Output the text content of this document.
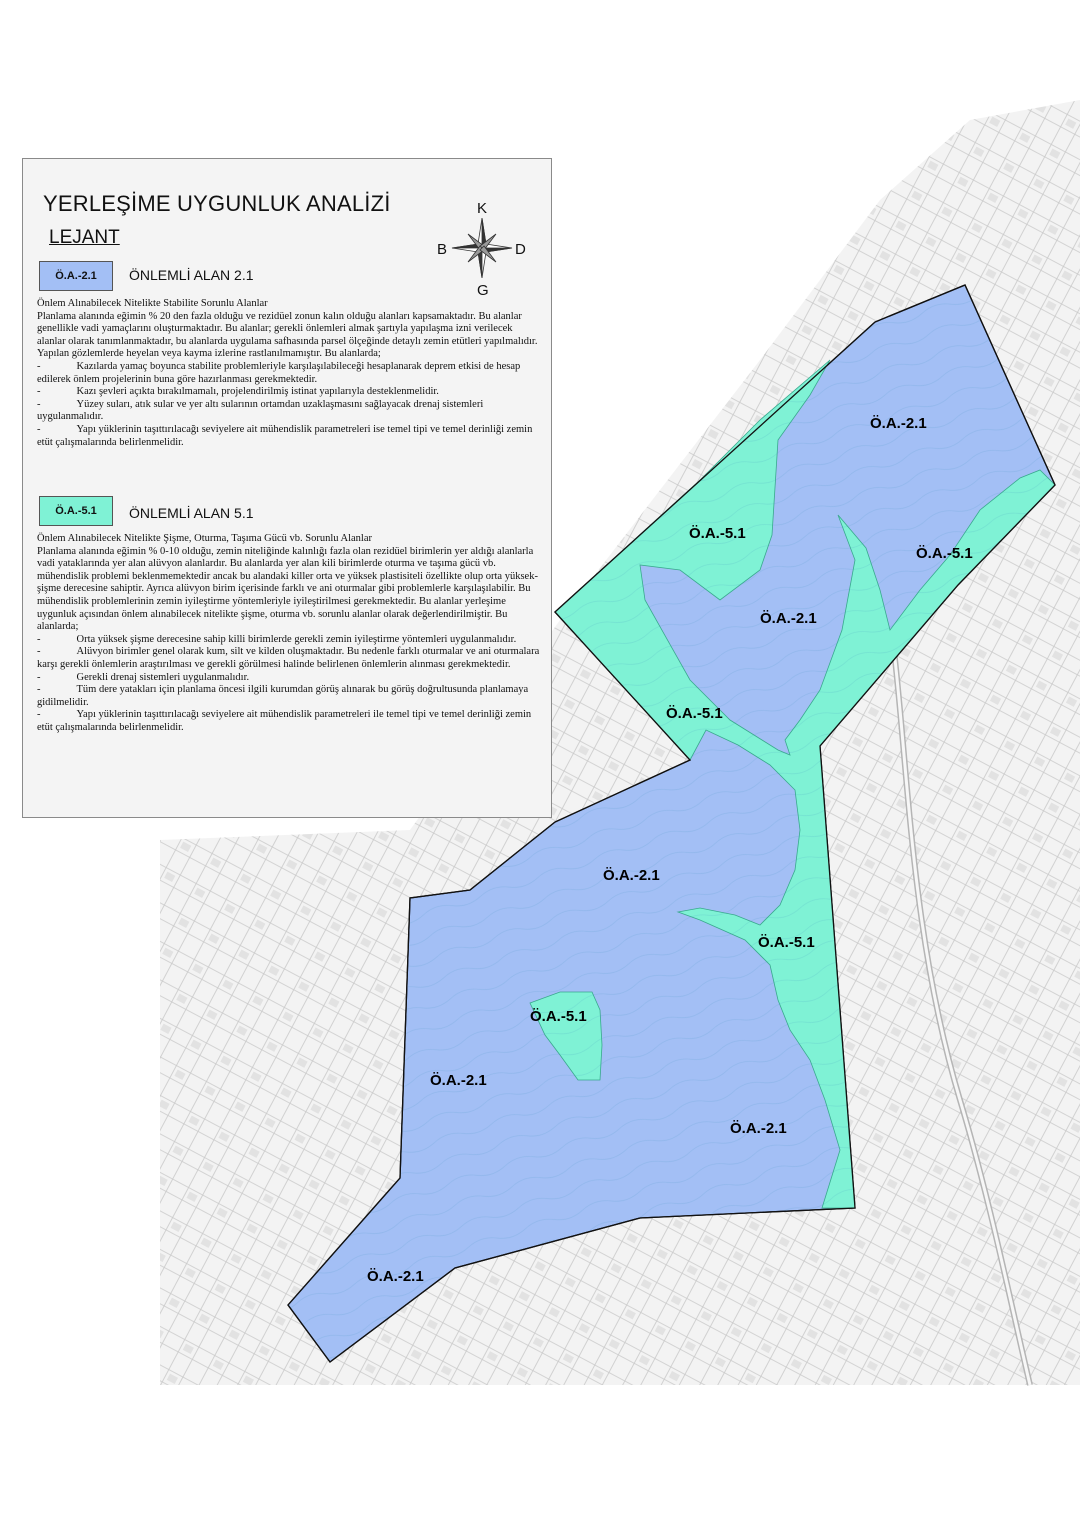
Ö.A.-2.1
Ö.A.-2.1
Ö.A.-2.1
Ö.A.-2.1
Ö.A.-2.1
Ö.A.-2.1
Ö.A.-5.1
Ö.A.-5.1
Ö.A.-5.1
Ö.A.-5.1
Ö.A.-5.1
YERLEŞİME UYGUNLUK ANALİZİ
LEJANT
K
G
B	D
Ö.A.-2.1	ÖNLEMLİ ALAN 2.1

Önlem Alınabilecek Nitelikte Stabilite Sorunlu Alanlar

Planlama alanında eğimin % 20 den fazla olduğu ve rezidüel zonun kalın olduğu alanları kapsamaktadır. Bu alanlar genellikle vadi yamaçlarını oluşturmaktadır. Bu alanlar; gerekli önlemleri almak şartıyla yapılaşma izni verilecek alanlar olarak tanımlanmaktadır, bu alanlarda uygulama safhasında parsel ölçeğinde detaylı zemin etütleri yapılmalıdır. Yapılan gözlemlerde heyelan veya kayma izlerine rastlanılmamıştır. Bu alanlarda;

-	Kazılarda yamaç boyunca stabilite problemleriyle karşılaşılabileceği hesaplanarak deprem etkisi de hesap edilerek önlem projelerinin buna göre hazırlanması gerekmektedir.

-	Kazı şevleri açıkta bırakılmamalı, projelendirilmiş istinat yapılarıyla desteklenmelidir.

-	Yüzey suları, atık sular ve yer altı sularının ortamdan uzaklaşmasını sağlayacak drenaj sistemleri uygulanmalıdır.

-	Yapı yüklerinin taşıttırılacağı seviyelere ait mühendislik parametreleri ise temel tipi ve temel derinliği zemin etüt çalışmalarında belirlenmelidir.

Ö.A.-5.1	ÖNLEMLİ ALAN 5.1

Önlem Alınabilecek Nitelikte Şişme, Oturma, Taşıma Gücü vb. Sorunlu Alanlar

Planlama alanında eğimin % 0-10 olduğu, zemin niteliğinde kalınlığı fazla olan rezidüel birimlerin yer aldığı alanlarla vadi yataklarında yer alan alüvyon alanlardır. Bu alanlarda yer alan kili birimlerde oturma ve taşıma gücü vb. mühendislik problemi beklenmemektedir ancak bu alandaki killer orta ve yüksek plastisiteli özellikte olup orta yüksek-şişme derecesine sahiptir. Ayrıca alüvyon birim içerisinde farklı ve ani oturmalar gibi problemlerle karşılaşılabilir. Bu mühendislik problemlerinin zemin iyileştirme yöntemleriyle iyileştirilmesi gerekmektedir. Bu alanlar yerleşime uygunluk açısından önlem alınabilecek nitelikte şişme, oturma vb. sorunlu alanlar olarak değerlendirilmiştir. Bu alanlarda;

-	Orta yüksek şişme derecesine sahip killi birimlerde gerekli zemin iyileştirme yöntemleri uygulanmalıdır.

-	Alüvyon birimler genel olarak kum, silt ve kilden oluşmaktadır. Bu nedenle farklı oturmalar ve ani oturmalara karşı gerekli önlemlerin araştırılması ve gerekli görülmesi halinde belirlenen önlemlerin alınması gerekmektedir.

-	Gerekli drenaj sistemleri uygulanmalıdır.

-	Tüm dere yatakları için planlama öncesi ilgili kurumdan görüş alınarak bu görüş doğrultusunda planlamaya gidilmelidir.

-	Yapı yüklerinin taşıttırılacağı seviyelere ait mühendislik parametreleri ile temel tipi ve temel derinliği zemin etüt çalışmalarında belirlenmelidir.
